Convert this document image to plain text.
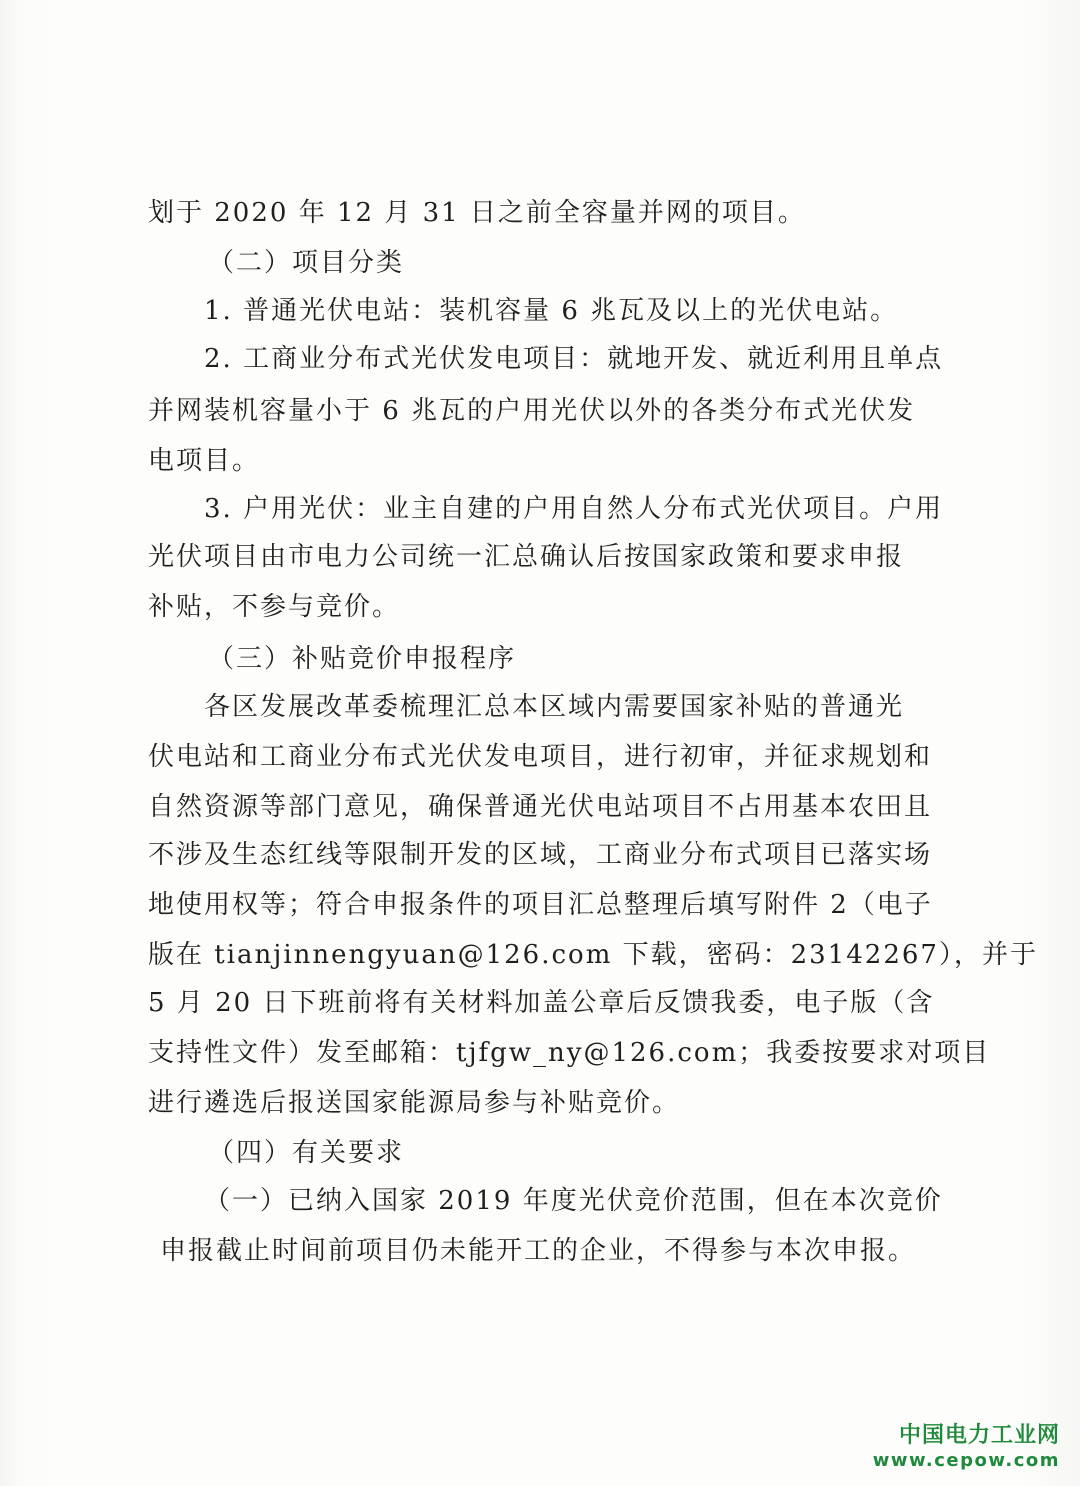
划于 2020 年 12 月 31 日之前全容量并网的项目。
（二）项目分类
1. 普通光伏电站：装机容量 6 兆瓦及以上的光伏电站。
2. 工商业分布式光伏发电项目：就地开发、就近利用且单点
并网装机容量小于 6 兆瓦的户用光伏以外的各类分布式光伏发
电项目。
3. 户用光伏：业主自建的户用自然人分布式光伏项目。户用
光伏项目由市电力公司统一汇总确认后按国家政策和要求申报
补贴，不参与竞价。
（三）补贴竞价申报程序
各区发展改革委梳理汇总本区域内需要国家补贴的普通光
伏电站和工商业分布式光伏发电项目，进行初审，并征求规划和
自然资源等部门意见，确保普通光伏电站项目不占用基本农田且
不涉及生态红线等限制开发的区域，工商业分布式项目已落实场
地使用权等；符合申报条件的项目汇总整理后填写附件 2（电子
版在 tianjinnengyuan@126.com 下载，密码：23142267），并于
5 月 20 日下班前将有关材料加盖公章后反馈我委，电子版（含
支持性文件）发至邮箱：tjfgw_ny@126.com；我委按要求对项目
进行遴选后报送国家能源局参与补贴竞价。
（四）有关要求
（一）已纳入国家 2019 年度光伏竞价范围，但在本次竞价
申报截止时间前项目仍未能开工的企业，不得参与本次申报。
中国电力工业网
www.cepow.com
